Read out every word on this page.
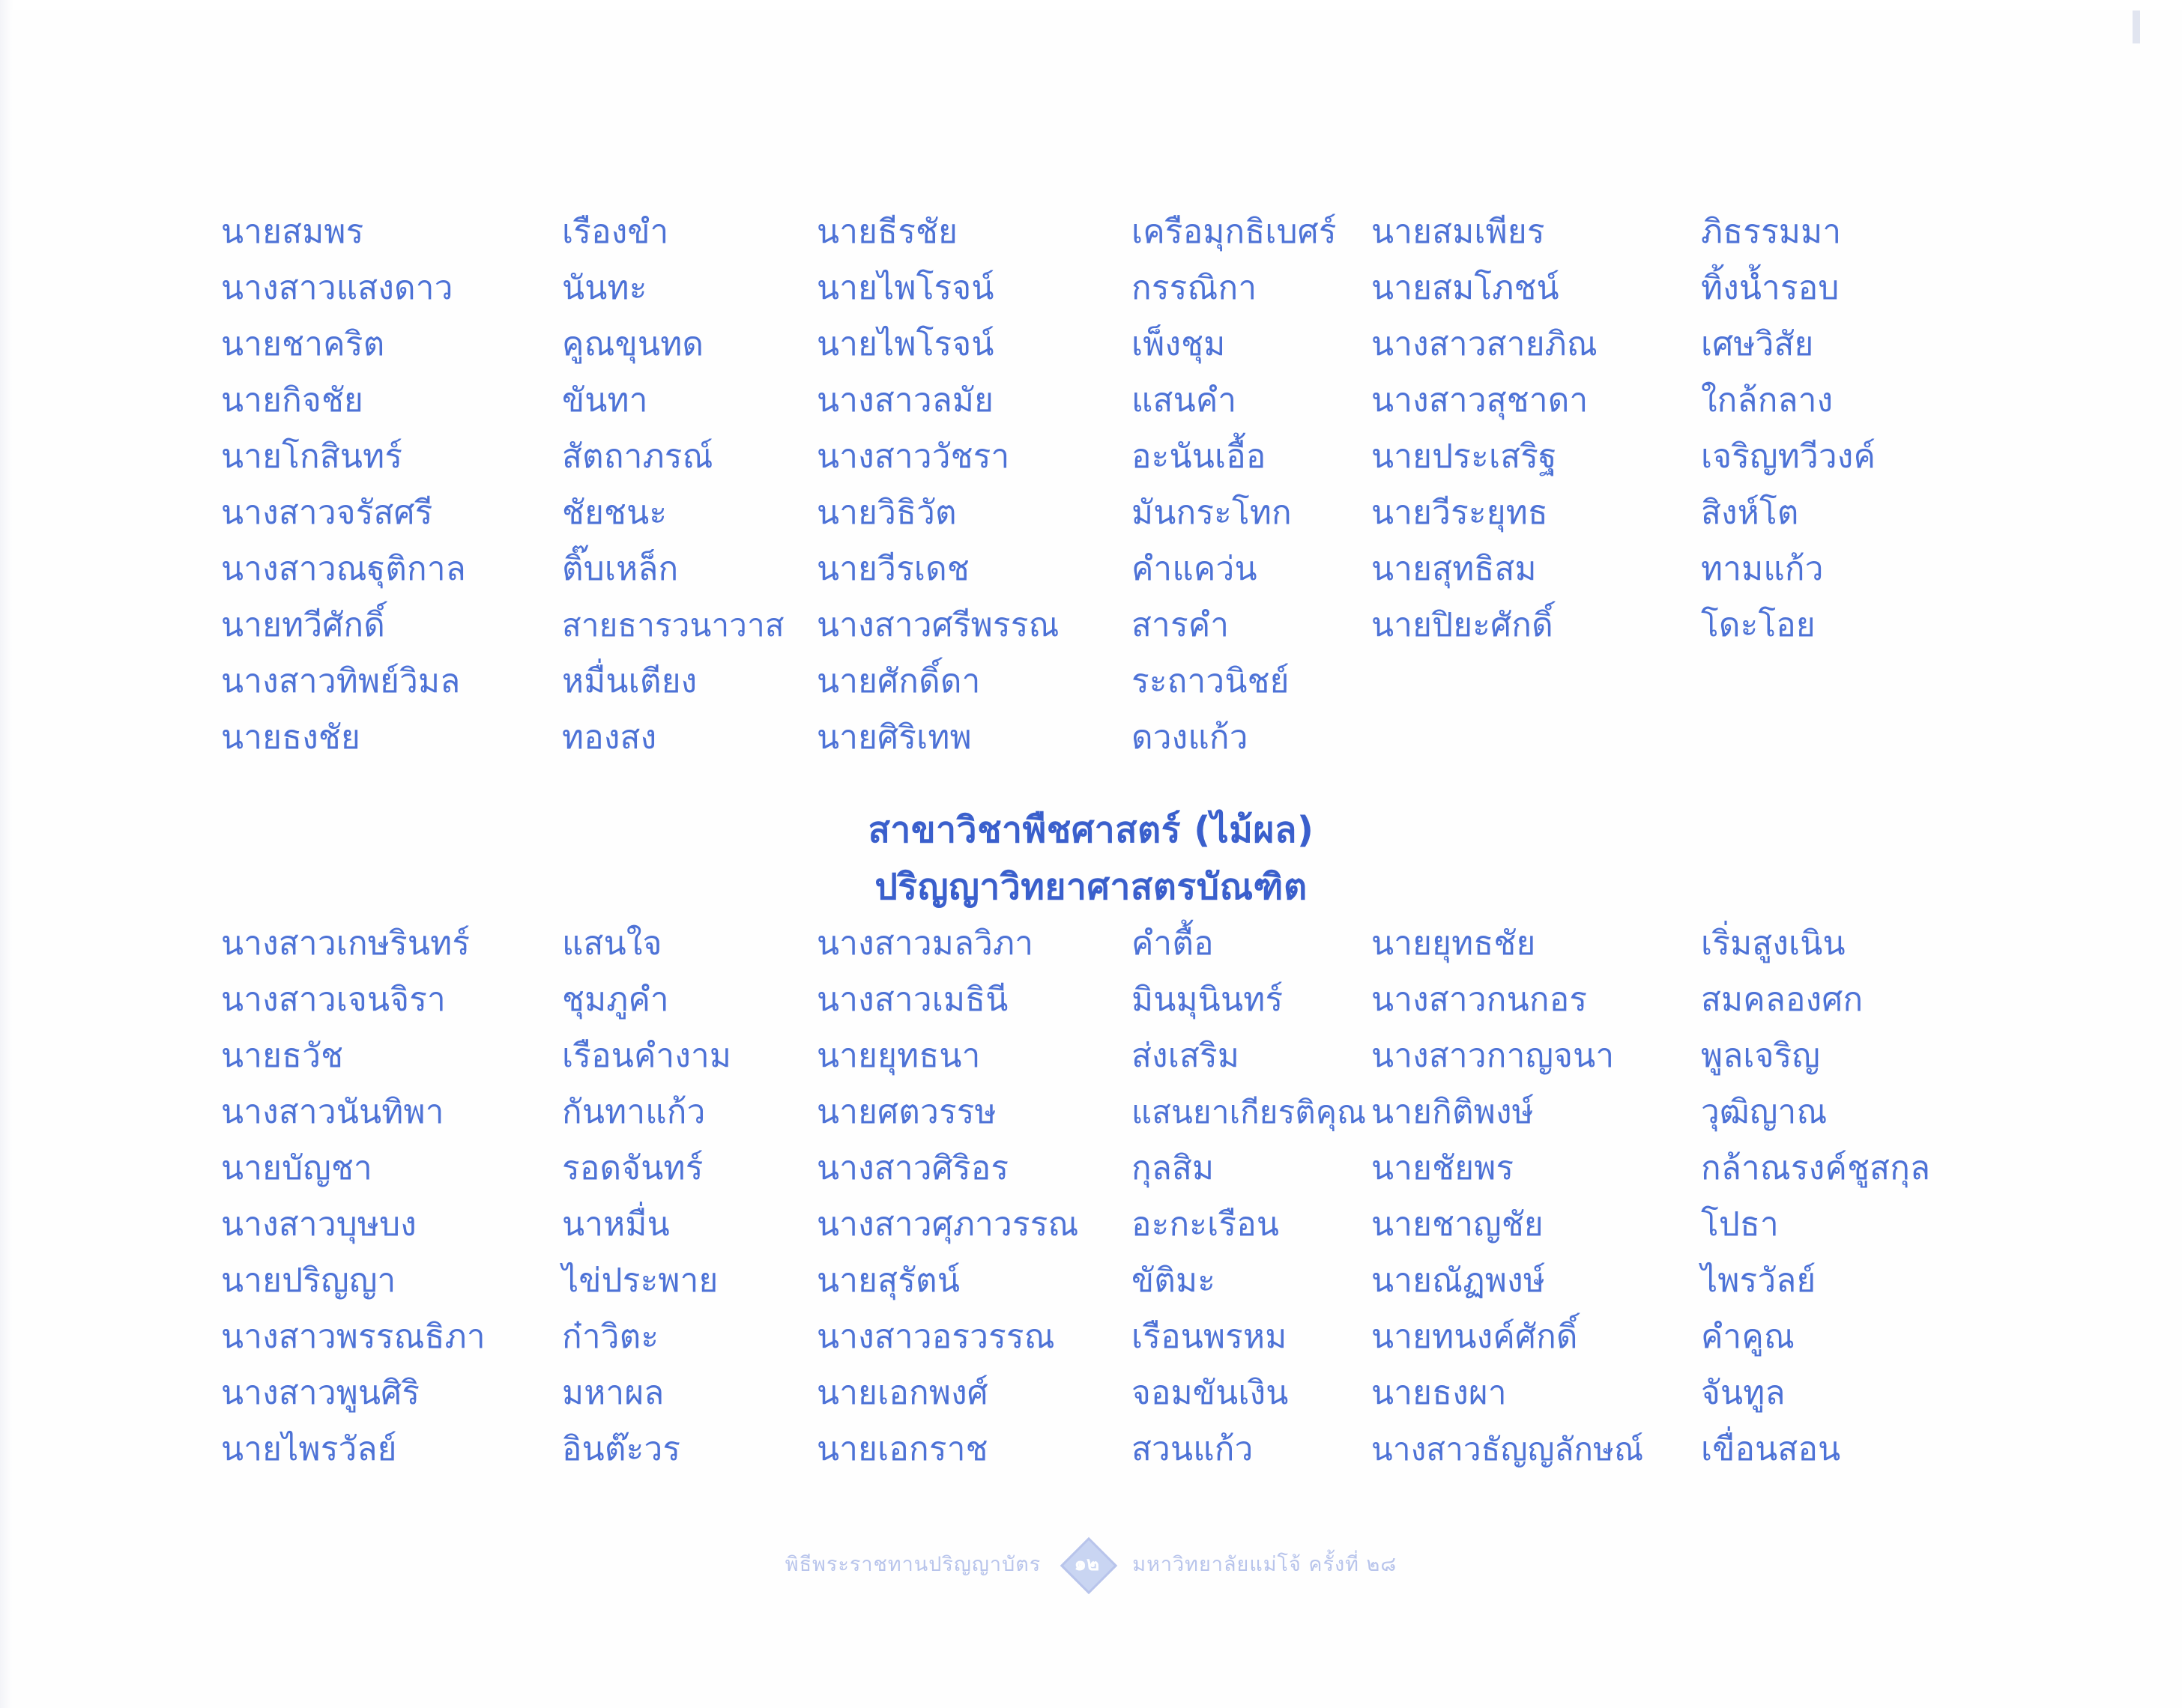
นายสมพร
นางสาวแสงดาว
นายชาคริต
นายกิจชัย
นายโกสินทร์
นางสาวจรัสศรี
นางสาวณฐุติกาล
นายทวีศักดิ์
นางสาวทิพย์วิมล
นายธงชัย
เรืองขำ
นันทะ
คูณขุนทด
ขันทา
สัตถาภรณ์
ชัยชนะ
ติ๊บเหล็ก
สายธารวนาวาส
หมื่นเตียง
ทองสง
นายธีรชัย
นายไพโรจน์
นายไพโรจน์
นางสาวลมัย
นางสาววัชรา
นายวิธิวัต
นายวีรเดช
นางสาวศรีพรรณ
นายศักดิ์ดา
นายศิริเทพ
เครือมุกธิเบศร์
กรรณิกา
เพ็งชุม
แสนคำ
อะนันเอื้อ
มันกระโทก
คำแคว่น
สารคำ
ระถาวนิชย์
ดวงแก้ว
นายสมเพียร
นายสมโภชน์
นางสาวสายภิณ
นางสาวสุชาดา
นายประเสริฐ
นายวีระยุทธ
นายสุทธิสม
นายปิยะศักดิ์
ภิธรรมมา
ทิ้งน้ำรอบ
เศษวิสัย
ใกล้กลาง
เจริญทวีวงค์
สิงห์โต
ทามแก้ว
โดะโอย
สาขาวิชาพืชศาสตร์ (ไม้ผล)
ปริญญาวิทยาศาสตรบัณฑิต
นางสาวเกษรินทร์
นางสาวเจนจิรา
นายธวัช
นางสาวนันทิพา
นายบัญชา
นางสาวบุษบง
นายปริญญา
นางสาวพรรณธิภา
นางสาวพูนศิริ
นายไพรวัลย์
แสนใจ
ชุมภูคำ
เรือนคำงาม
กันทาแก้ว
รอดจันทร์
นาหมื่น
ไข่ประพาย
ก๋าวิตะ
มหาผล
อินต๊ะวร
นางสาวมลวิภา
นางสาวเมธินี
นายยุทธนา
นายศตวรรษ
นางสาวศิริอร
นางสาวศุภาวรรณ
นายสุรัตน์
นางสาวอรวรรณ
นายเอกพงศ์
นายเอกราช
คำตื้อ
มินมุนินทร์
ส่งเสริม
แสนยาเกียรติคุณ
กุลสิม
อะกะเรือน
ขัติมะ
เรือนพรหม
จอมขันเงิน
สวนแก้ว
นายยุทธชัย
นางสาวกนกอร
นางสาวกาญจนา
นายกิติพงษ์
นายชัยพร
นายชาญชัย
นายณัฏพงษ์
นายทนงค์ศักดิ์
นายธงผา
นางสาวธัญญลักษณ์
เริ่มสูงเนิน
สมคลองศก
พูลเจริญ
วุฒิญาณ
กล้าณรงค์ชูสกุล
โปธา
ไพรวัลย์
คำคูณ
จันทูล
เขื่อนสอน
พิธีพระราชทานปริญญาบัตร ๑๒ มหาวิทยาลัยแม่โจ้ ครั้งที่ ๒๘
